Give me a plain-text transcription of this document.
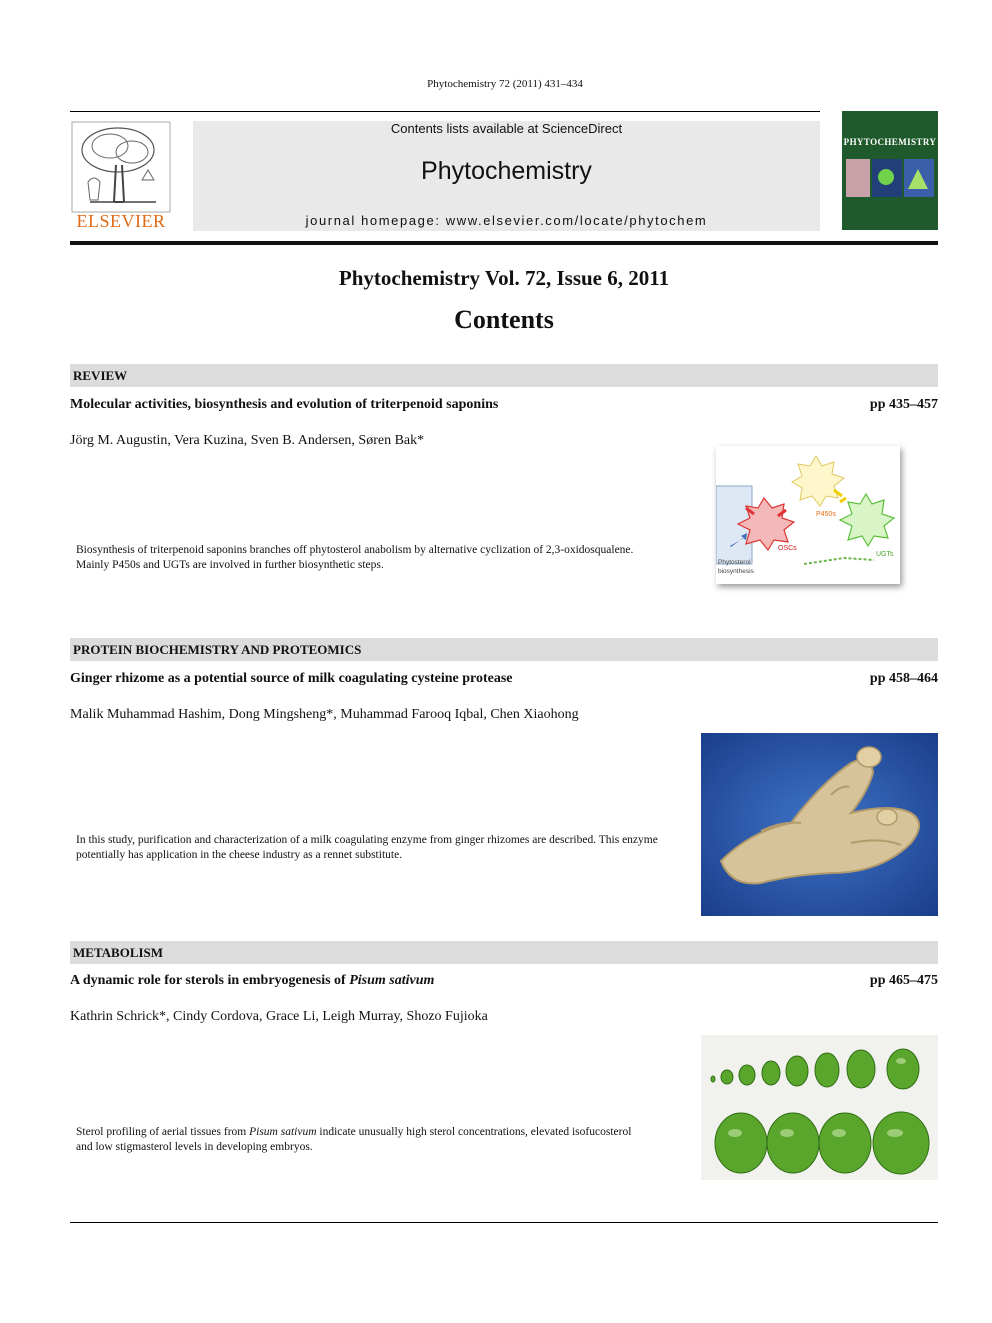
Phytochemistry 72 (2011) 431–434
ELSEVIER
Contents lists available at ScienceDirect
Phytochemistry
journal homepage: www.elsevier.com/locate/phytochem
PHYTOCHEMISTRY
Phytochemistry Vol. 72, Issue 6, 2011
Contents
REVIEW
Molecular activities, biosynthesis and evolution of triterpenoid saponins	pp 435–457
Jörg M. Augustin, Vera Kuzina, Sven B. Andersen, Søren Bak*
Biosynthesis of triterpenoid saponins branches off phytosterol anabolism by alternative cyclization of 2,3-oxidosqualene. Mainly P450s and UGTs are involved in further biosynthetic steps.
P450s
OSCs
UGTs
Phytosterol
biosynthesis
PROTEIN BIOCHEMISTRY AND PROTEOMICS
Ginger rhizome as a potential source of milk coagulating cysteine protease	pp 458–464
Malik Muhammad Hashim, Dong Mingsheng*, Muhammad Farooq Iqbal, Chen Xiaohong
In this study, purification and characterization of a milk coagulating enzyme from ginger rhizomes are described. This enzyme potentially has application in the cheese industry as a rennet substitute.
METABOLISM
A dynamic role for sterols in embryogenesis of Pisum sativum	pp 465–475
Kathrin Schrick*, Cindy Cordova, Grace Li, Leigh Murray, Shozo Fujioka
Sterol profiling of aerial tissues from Pisum sativum indicate unusually high sterol concentrations, elevated isofucosterol and low stigmasterol levels in developing embryos.
